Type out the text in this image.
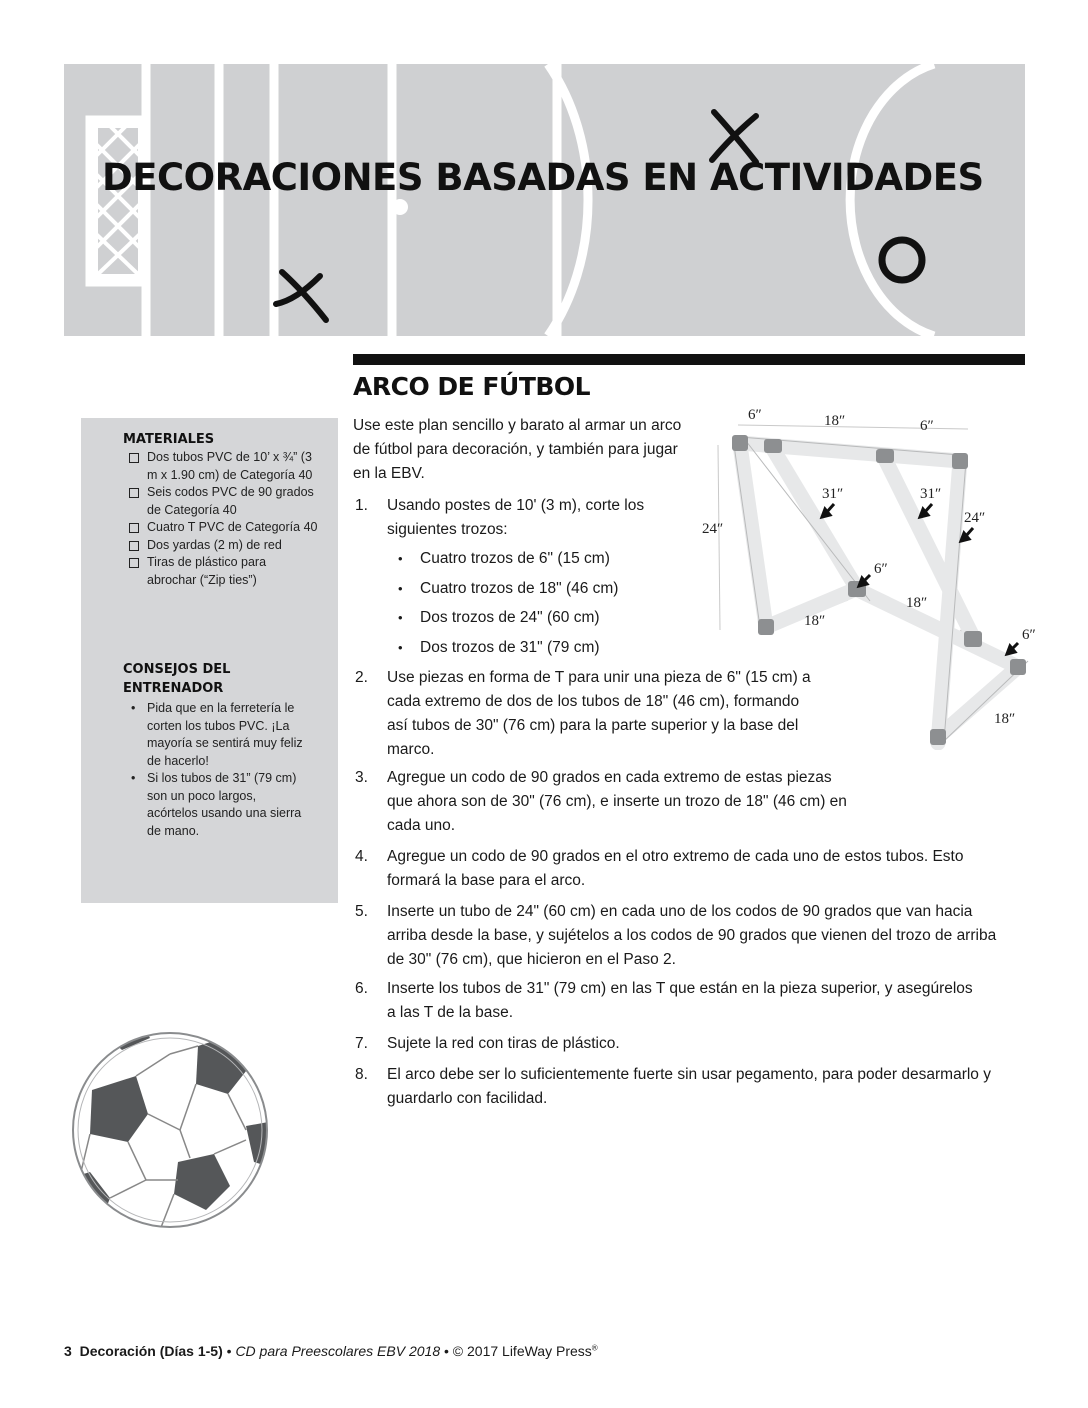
DECORACIONES BASADAS EN ACTIVIDADES
ARCO DE FÚTBOL
MATERIALES
Dos tubos PVC de 10’ x ¾” (3 m x 1.90 cm) de Categoría 40
Seis codos PVC de 90 grados de Categoría 40
Cuatro T PVC de Categoría 40
Dos yardas (2 m) de red
Tiras de plástico para abrochar (“Zip ties”)
CONSEJOS DEL ENTRENADOR
• Pida que en la ferretería le corten los tubos PVC. ¡La mayoría se sentirá muy feliz de hacerlo!
• Si los tubos de 31” (79 cm) son un poco largos, acórtelos usando una sierra de mano.

Use este plan sencillo y barato al armar un arco de fútbol para decoración, y también para jugar en la EBV.

1. Usando postes de 10' (3 m), corte los siguientes trozos:
• Cuatro trozos de 6" (15 cm)
• Cuatro trozos de 18" (46 cm)
• Dos trozos de 24" (60 cm)
• Dos trozos de 31" (79 cm)
2. Use piezas en forma de T para unir una pieza de 6" (15 cm) a cada extremo de dos de los tubos de 18" (46 cm), formando así tubos de 30" (76 cm) para la parte superior y la base del marco.
3. Agregue un codo de 90 grados en cada extremo de estas piezas que ahora son de 30" (76 cm), e inserte un trozo de 18" (46 cm) en cada uno.
4. Agregue un codo de 90 grados en el otro extremo de cada uno de estos tubos. Esto formará la base para el arco.
5. Inserte un tubo de 24" (60 cm) en cada uno de los codos de 90 grados que van hacia arriba desde la base, y sujételos a los codos de 90 grados que vienen del trozo de arriba de 30" (76 cm), que hicieron en el Paso 2.
6. Inserte los tubos de 31" (79 cm) en las T que están en la pieza superior, y asegúrelos a las T de la base.
7. Sujete la red con tiras de plástico.
8. El arco debe ser lo suficientemente fuerte sin usar pegamento, para poder desarmarlo y guardarlo con facilidad.
6″	18″	6″
31″	31″
24″
24″
6″
18″
18″
6″
18″

3 Decoración (Días 1-5) • CD para Preescolares EBV 2018 • © 2017 LifeWay Press®
